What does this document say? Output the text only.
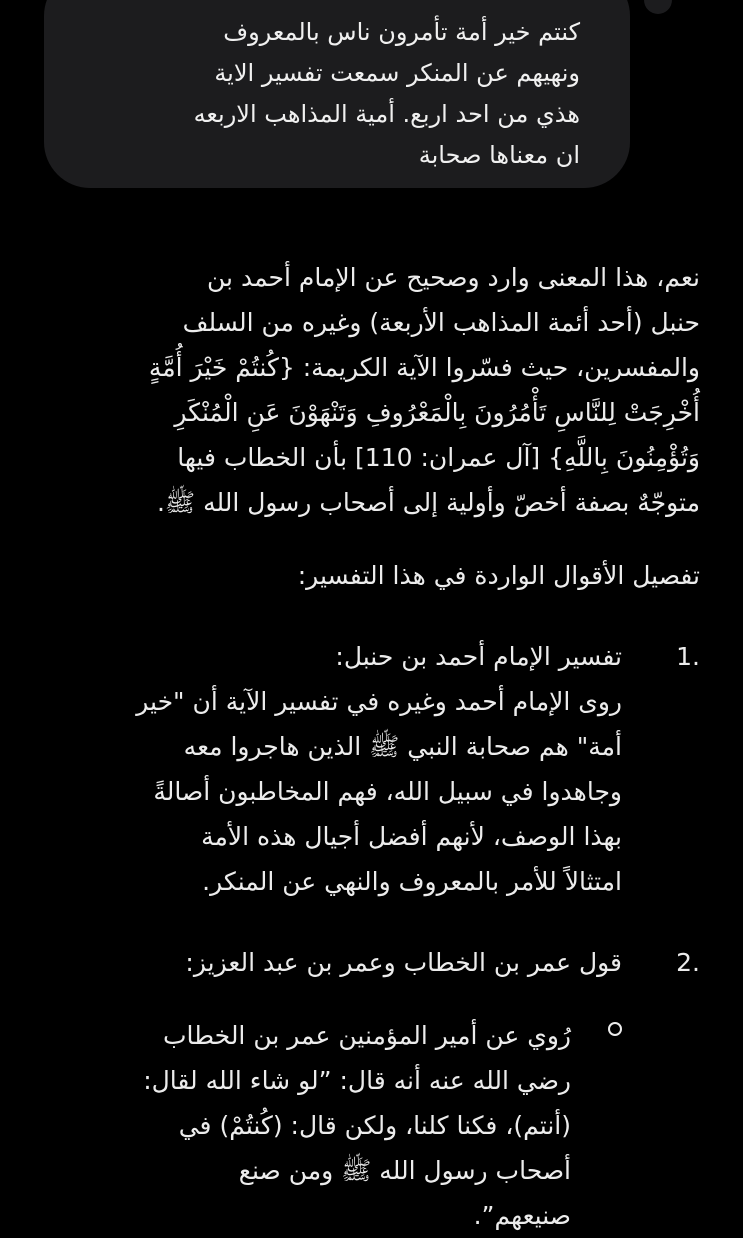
كنتم خير أمة تأمرون ناس بالمعروف
ونهيهم عن المنكر سمعت تفسير الاية
هذي من احد اربع. أمية المذاهب الاربعه
ان معناها صحابة

نعم، هذا المعنى وارد وصحيح عن الإمام أحمد بن
حنبل (أحد أئمة المذاهب الأربعة) وغيره من السلف
والمفسرين، حيث فسّروا الآية الكريمة: {كُنتُمْ خَيْرَ أُمَّةٍ
أُخْرِجَتْ لِلنَّاسِ تَأْمُرُونَ بِالْمَعْرُوفِ وَتَنْهَوْنَ عَنِ الْمُنْكَرِ
وَتُؤْمِنُونَ بِاللَّهِ} [آل عمران: 110] بأن الخطاب فيها
متوجّهٌ بصفة أخصّ وأولية إلى أصحاب رسول الله ﷺ.

تفصيل الأقوال الواردة في هذا التفسير:
1.
تفسير الإمام أحمد بن حنبل:
روى الإمام أحمد وغيره في تفسير الآية أن "خير
أمة" هم صحابة النبي ﷺ الذين هاجروا معه
وجاهدوا في سبيل الله، فهم المخاطبون أصالةً
بهذا الوصف، لأنهم أفضل أجيال هذه الأمة
امتثالاً للأمر بالمعروف والنهي عن المنكر.
2.
قول عمر بن الخطاب وعمر بن عبد العزيز:
رُوي عن أمير المؤمنين عمر بن الخطاب
رضي الله عنه أنه قال: ”لو شاء الله لقال:
(أنتم)، فكنا كلنا، ولكن قال: (كُنتُمْ) في
أصحاب رسول الله ﷺ ومن صنع
صنيعهم”.
